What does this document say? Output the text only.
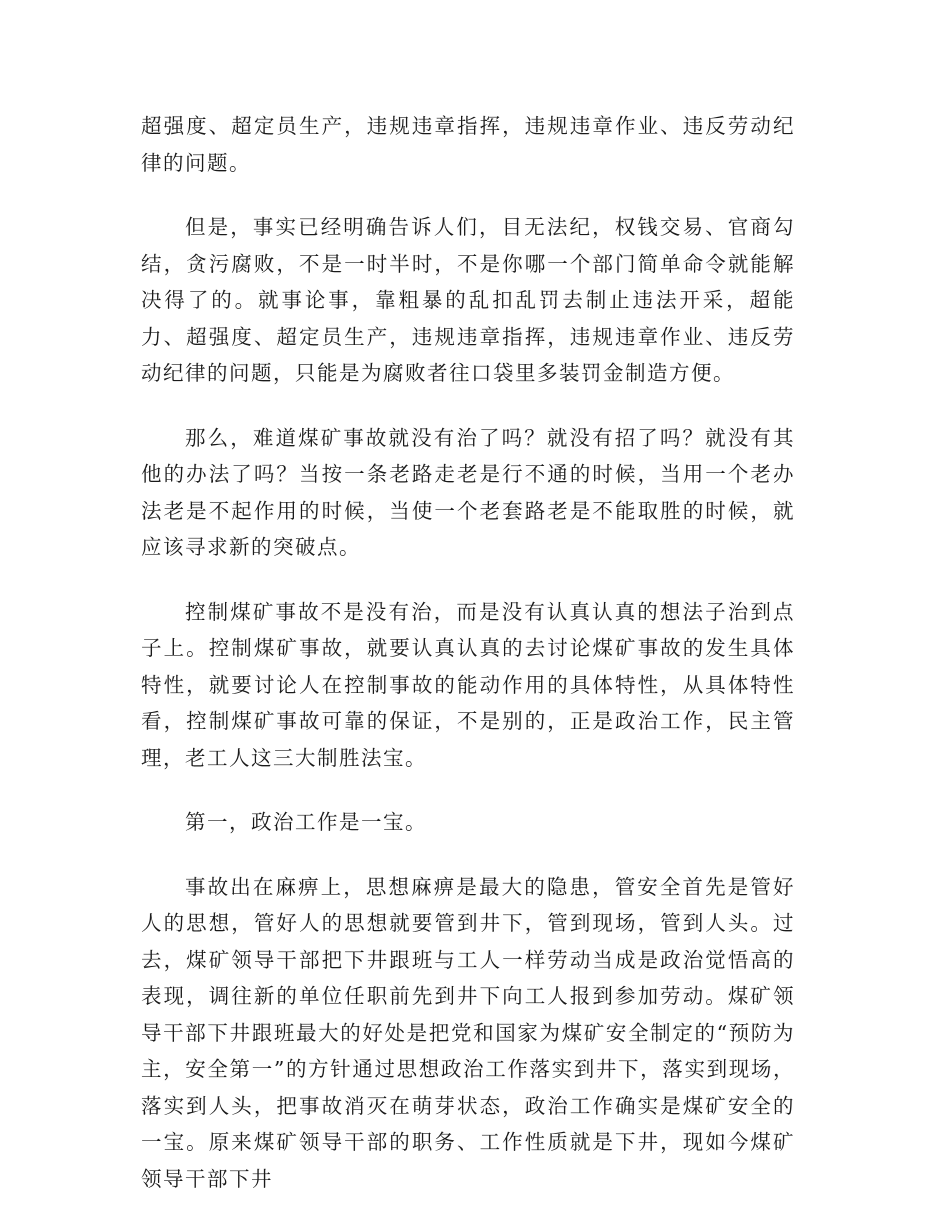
超强度、超定员生产，违规违章指挥，违规违章作业、违反劳动纪律的问题。

但是，事实已经明确告诉人们，目无法纪，权钱交易、官商勾结，贪污腐败，不是一时半时，不是你哪一个部门简单命令就能解决得了的。就事论事，靠粗暴的乱扣乱罚去制止违法开采，超能力、超强度、超定员生产，违规违章指挥，违规违章作业、违反劳动纪律的问题，只能是为腐败者往口袋里多装罚金制造方便。

那么，难道煤矿事故就没有治了吗？就没有招了吗？就没有其他的办法了吗？当按一条老路走老是行不通的时候，当用一个老办法老是不起作用的时候，当使一个老套路老是不能取胜的时候，就应该寻求新的突破点。

控制煤矿事故不是没有治，而是没有认真认真的想法子治到点子上。控制煤矿事故，就要认真认真的去讨论煤矿事故的发生具体特性，就要讨论人在控制事故的能动作用的具体特性，从具体特性看，控制煤矿事故可靠的保证，不是别的，正是政治工作，民主管理，老工人这三大制胜法宝。

第一，政治工作是一宝。

事故出在麻痹上，思想麻痹是最大的隐患，管安全首先是管好人的思想，管好人的思想就要管到井下，管到现场，管到人头。过去，煤矿领导干部把下井跟班与工人一样劳动当成是政治觉悟高的表现，调往新的单位任职前先到井下向工人报到参加劳动。煤矿领导干部下井跟班最大的好处是把党和国家为煤矿安全制定的“预防为主，安全第一”的方针通过思想政治工作落实到井下，落实到现场，落实到人头，把事故消灭在萌芽状态，政治工作确实是煤矿安全的一宝。原来煤矿领导干部的职务、工作性质就是下井，现如今煤矿领导干部下井
